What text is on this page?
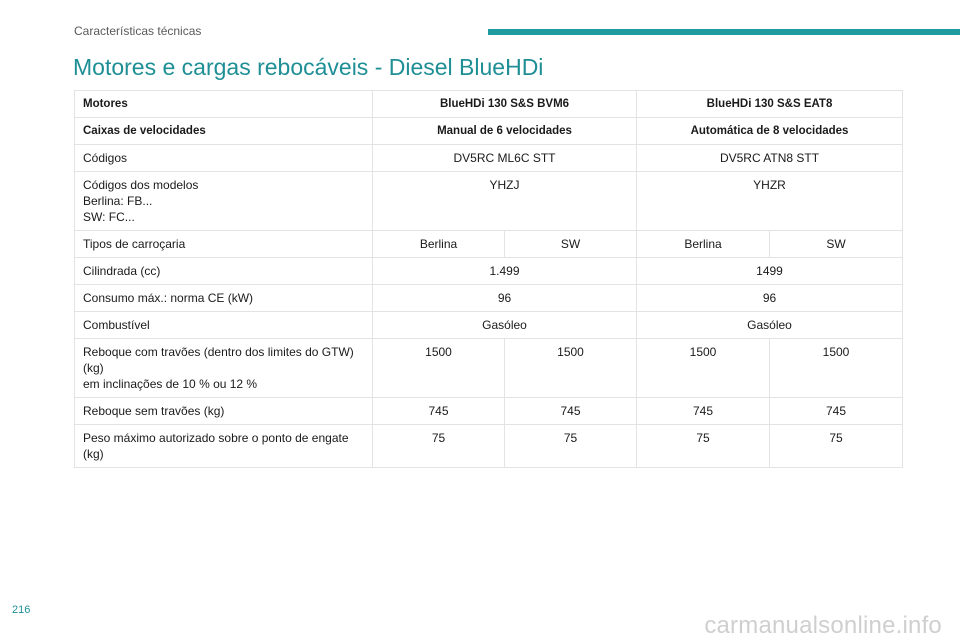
Características técnicas
Motores e cargas rebocáveis - Diesel BlueHDi
Motores	BlueHDi 130 S&S BVM6		BlueHDi 130 S&S EAT8	
Caixas de velocidades	Manual de 6 velocidades		Automática de 8 velocidades	
Códigos	DV5RC ML6C STT		DV5RC ATN8 STT	

Códigos dos modelos
Berlina: FB...
SW: FC...	YHZJ		YHZR	
Tipos de carroçaria	Berlina	SW	Berlina	SW
Cilindrada (cc)	1.499		1499	
Consumo máx.: norma CE (kW)	96		96	
Combustível	Gasóleo		Gasóleo	

Reboque com travões (dentro dos limites do GTW)
(kg)
em inclinações de 10 % ou 12 %	1500	1500	1500	1500
Reboque sem travões (kg)	745	745	745	745

Peso máximo autorizado sobre o ponto de engate
(kg)	75	75	75	75
216
carmanualsonline.info
